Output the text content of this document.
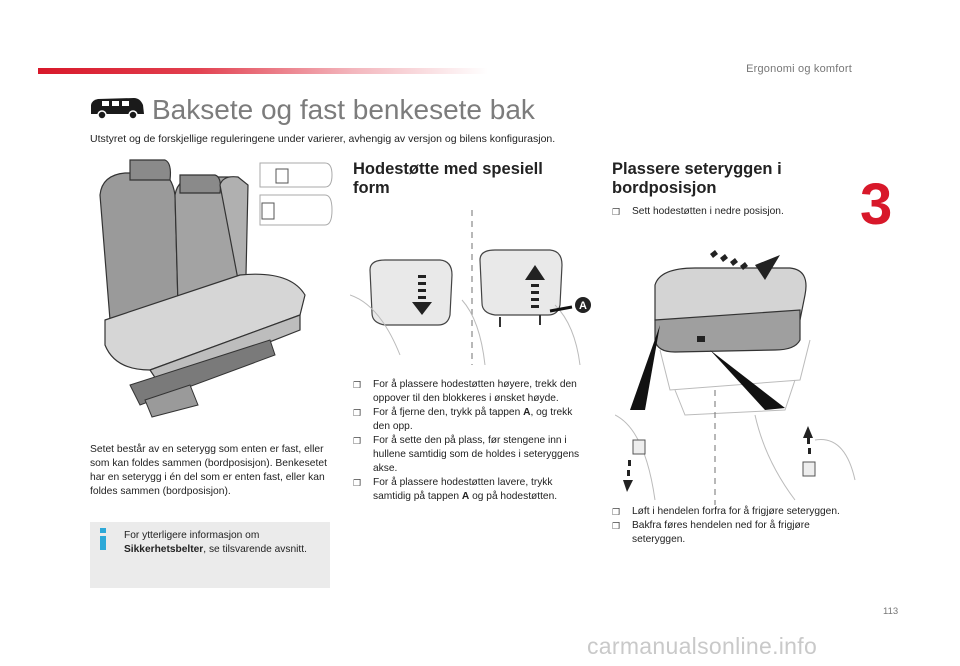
Ergonomi og komfort
3
Baksete og fast benkesete bak
Utstyret og de forskjellige reguleringene under varierer, avhengig av versjon og bilens konfigurasjon.
Hodestøtte med spesiell form
A

❒ For å plassere hodestøtten høyere, trekk den oppover til den blokkeres i ønsket høyde.

❒ For å fjerne den, trykk på tappen A, og trekk den opp.

❒ For å sette den på plass, før stengene inn i hullene samtidig som de holdes i seteryggens akse.

❒ For å plassere hodestøtten lavere, trykk samtidig på tappen A og på hodestøtten.

Plassere seteryggen i bordposisjon

❒ Sett hodestøtten i nedre posisjon.

❒ Løft i hendelen forfra for å frigjøre seteryggen.

❒ Bakfra føres hendelen ned for å frigjøre seteryggen.

Setet består av en seterygg som enten er fast, eller som kan foldes sammen (bordposisjon). Benkesetet har en seterygg i én del som er enten fast, eller kan foldes sammen (bordposisjon).
For ytterligere informasjon om Sikkerhetsbelter, se tilsvarende avsnitt.
113
carmanualsonline.info
